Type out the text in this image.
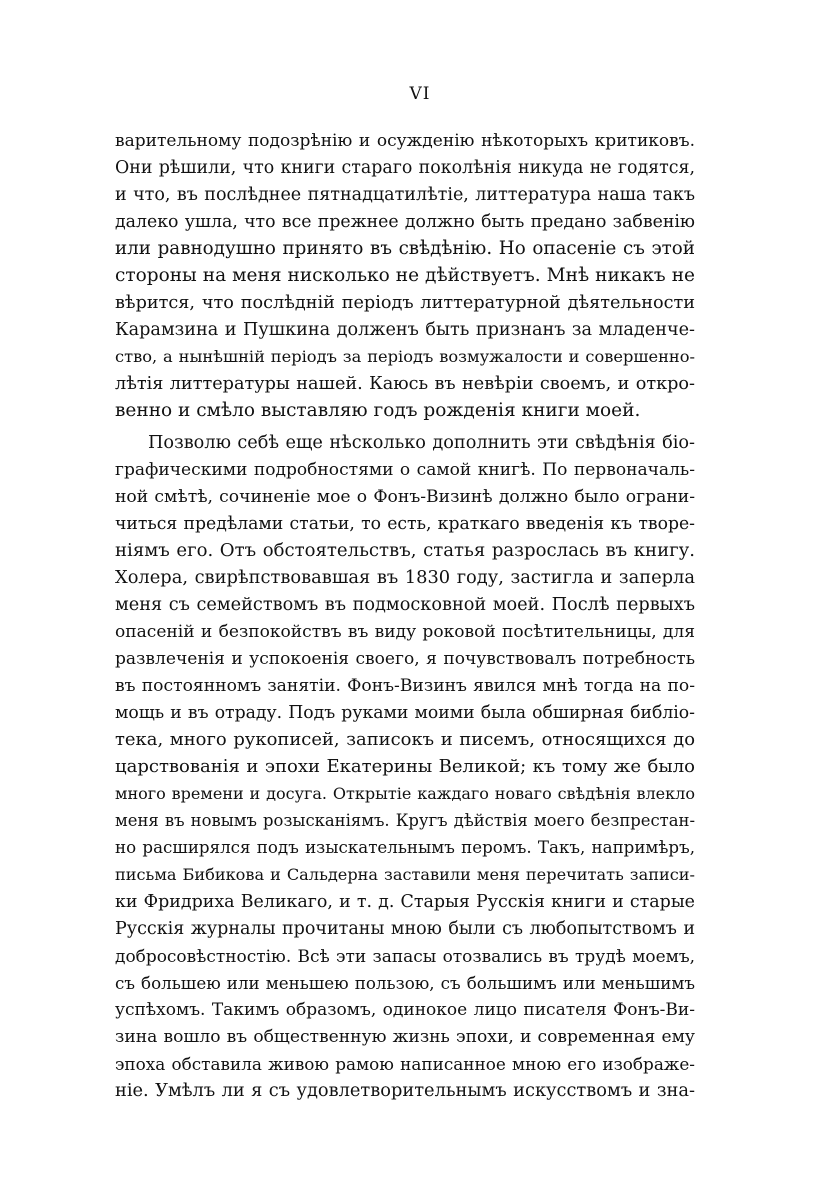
VI
варительному подозрѣнію и осужденію нѣкоторыхъ критиковъ.
Они рѣшили, что книги стараго поколѣнія никуда не годятся,
и что, въ послѣднее пятнадцатилѣтіе, литтература наша такъ
далеко ушла, что все прежнее должно быть предано забвенію
или равнодушно принято въ свѣдѣнію. Но опасеніе съ этой
стороны на меня нисколько не дѣйствуетъ. Мнѣ никакъ не
вѣрится, что послѣдній періодъ литтературной дѣятельности
Карамзина и Пушкина долженъ быть признанъ за младенче-
ство, а нынѣшній періодъ за періодъ возмужалости и совершенно-
лѣтія литтературы нашей. Каюсь въ невѣріи своемъ, и откро-
венно и смѣло выставляю годъ рожденія книги моей.
Позволю себѣ еще нѣсколько дополнить эти свѣдѣнія біо-
графическими подробностями о самой книгѣ. По первоначаль-
ной смѣтѣ, сочиненіе мое о Фонъ-Визинѣ должно было ограни-
читься предѣлами статьи, то есть, краткаго введенія къ творе-
ніямъ его. Отъ обстоятельствъ, статья разрослась въ книгу.
Холера, свирѣпствовавшая въ 1830 году, застигла и заперла
меня съ семействомъ въ подмосковной моей. Послѣ первыхъ
опасеній и безпокойствъ въ виду роковой посѣтительницы, для
развлеченія и успокоенія своего, я почувствовалъ потребность
въ постоянномъ занятіи. Фонъ-Визинъ явился мнѣ тогда на по-
мощь и въ отраду. Подъ руками моими была обширная библіо-
тека, много рукописей, записокъ и писемъ, относящихся до
царствованія и эпохи Екатерины Великой; къ тому же было
много времени и досуга. Открытіе каждаго новаго свѣдѣнія влекло
меня въ новымъ розысканіямъ. Кругъ дѣйствія моего безпрестан-
но расширялся подъ изыскательнымъ перомъ. Такъ, напримѣръ,
письма Бибикова и Сальдерна заставили меня перечитать записи-
ки Фридриха Великаго, и т. д. Старыя Русскія книги и старые
Русскія журналы прочитаны мною были съ любопытствомъ и
добросовѣстностію. Всѣ эти запасы отозвались въ трудѣ моемъ,
съ большею или меньшею пользою, съ большимъ или меньшимъ
успѣхомъ. Такимъ образомъ, одинокое лицо писателя Фонъ-Ви-
зина вошло въ общественную жизнь эпохи, и современная ему
эпоха обставила живою рамою написанное мною его изображе-
ніе. Умѣлъ ли я съ удовлетворительнымъ искусствомъ и зна-
